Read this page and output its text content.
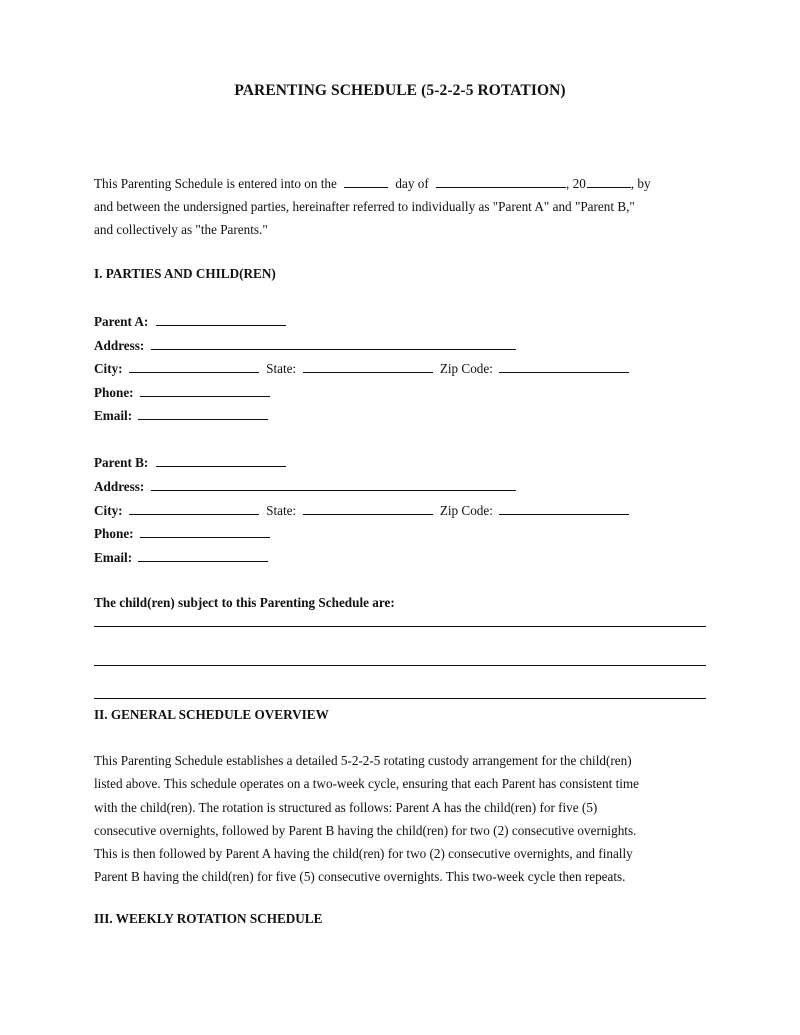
PARENTING SCHEDULE (5-2-2-5 ROTATION)
This Parenting Schedule is entered into on the	day of	, 20	, by
and between the undersigned parties, hereinafter referred to individually as "Parent A" and "Parent B,"
and collectively as "the Parents."
I. PARTIES AND CHILD(REN)
Parent A:
Address:
City:	State:	Zip Code:
Phone:
Email:
Parent B:
Address:
City:	State:	Zip Code:
Phone:
Email:
The child(ren) subject to this Parenting Schedule are:
II. GENERAL SCHEDULE OVERVIEW
This Parenting Schedule establishes a detailed 5-2-2-5 rotating custody arrangement for the child(ren)
listed above. This schedule operates on a two-week cycle, ensuring that each Parent has consistent time
with the child(ren). The rotation is structured as follows: Parent A has the child(ren) for five (5)
consecutive overnights, followed by Parent B having the child(ren) for two (2) consecutive overnights.
This is then followed by Parent A having the child(ren) for two (2) consecutive overnights, and finally
Parent B having the child(ren) for five (5) consecutive overnights. This two-week cycle then repeats.
III. WEEKLY ROTATION SCHEDULE
